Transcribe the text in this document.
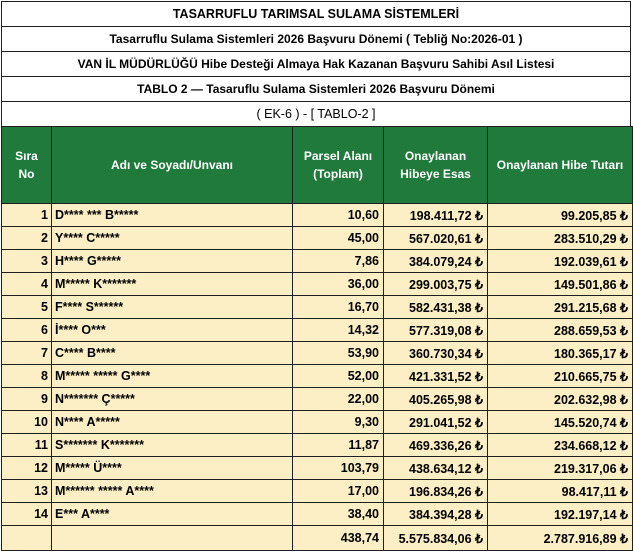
TASARRUFLU TARIMSAL SULAMA SİSTEMLERİ
Tasarruflu Sulama Sistemleri 2026 Başvuru Dönemi ( Tebliğ No:2026-01 )
VAN İL MÜDÜRLÜĞÜ Hibe Desteği Almaya Hak Kazanan Başvuru Sahibi Asıl Listesi
TABLO 2 — Tasaruflu Sulama Sistemleri 2026 Başvuru Dönemi
( EK-6 ) - [ TABLO-2 ]
Sıra No	Adı ve Soyadı/Unvanı	Parsel Alanı (Toplam)	Onaylanan Hibeye Esas	Onaylanan Hibe Tutarı
1	D**** *** B*****	10,60	198.411,72 ₺	99.205,85 ₺
2	Y**** C*****	45,00	567.020,61 ₺	283.510,29 ₺
3	H**** G*****	7,86	384.079,24 ₺	192.039,61 ₺
4	M***** K*******	36,00	299.003,75 ₺	149.501,86 ₺
5	F**** S******	16,70	582.431,38 ₺	291.215,68 ₺
6	İ**** O***	14,32	577.319,08 ₺	288.659,53 ₺
7	C**** B****	53,90	360.730,34 ₺	180.365,17 ₺
8	M***** ***** G****	52,00	421.331,52 ₺	210.665,75 ₺
9	N******* Ç*****	22,00	405.265,98 ₺	202.632,98 ₺
10	N**** A*****	9,30	291.041,52 ₺	145.520,74 ₺
11	S******* K*******	11,87	469.336,26 ₺	234.668,12 ₺
12	M***** Ü****	103,79	438.634,12 ₺	219.317,06 ₺
13	M****** ***** A****	17,00	196.834,26 ₺	98.417,11 ₺
14	E*** A****	38,40	384.394,28 ₺	192.197,14 ₺
		438,74	5.575.834,06 ₺	2.787.916,89 ₺
